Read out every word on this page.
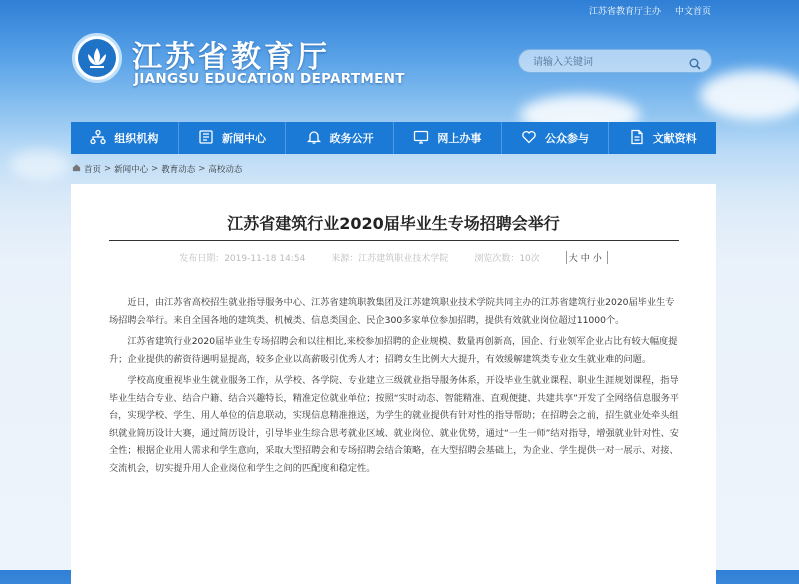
江苏省教育厅主办 中文首页
江苏省教育厅
JIANGSU EDUCATION DEPARTMENT
请输入关键词
组织机构	新闻中心	政务公开	网上办事	公众参与	文献资料
首页 > 新闻中心 > 教育动态 > 高校动态
江苏省建筑行业2020届毕业生专场招聘会举行
发布日期：2019-11-18 14:54	来源：江苏建筑职业技术学院	浏览次数：10次	大中小

近日，由江苏省高校招生就业指导服务中心、江苏省建筑职教集团及江苏建筑职业技术学院共同主办的江苏省建筑行业2020届毕业生专场招聘会举行。来自全国各地的建筑类、机械类、信息类国企、民企300多家单位参加招聘，提供有效就业岗位超过11000个。

江苏省建筑行业2020届毕业生专场招聘会和以往相比,来校参加招聘的企业规模、数量再创新高，国企、行业领军企业占比有较大幅度提升；企业提供的薪资待遇明显提高，较多企业以高薪吸引优秀人才；招聘女生比例大大提升，有效缓解建筑类专业女生就业难的问题。

学校高度重视毕业生就业服务工作，从学校、各学院、专业建立三级就业指导服务体系，开设毕业生就业课程、职业生涯规划课程，指导毕业生结合专业、结合户籍、结合兴趣特长，精准定位就业单位；按照“实时动态、智能精准、直观便捷、共建共享”开发了全网络信息服务平台，实现学校、学生、用人单位的信息联动，实现信息精准推送，为学生的就业提供有针对性的指导帮助；在招聘会之前，招生就业处牵头组织就业简历设计大赛，通过简历设计，引导毕业生综合思考就业区域、就业岗位、就业优势，通过“一生一师”结对指导，增强就业针对性、安全性；根据企业用人需求和学生意向，采取大型招聘会和专场招聘会结合策略，在大型招聘会基础上，为企业、学生提供一对一展示、对接、交流机会，切实提升用人企业岗位和学生之间的匹配度和稳定性。
